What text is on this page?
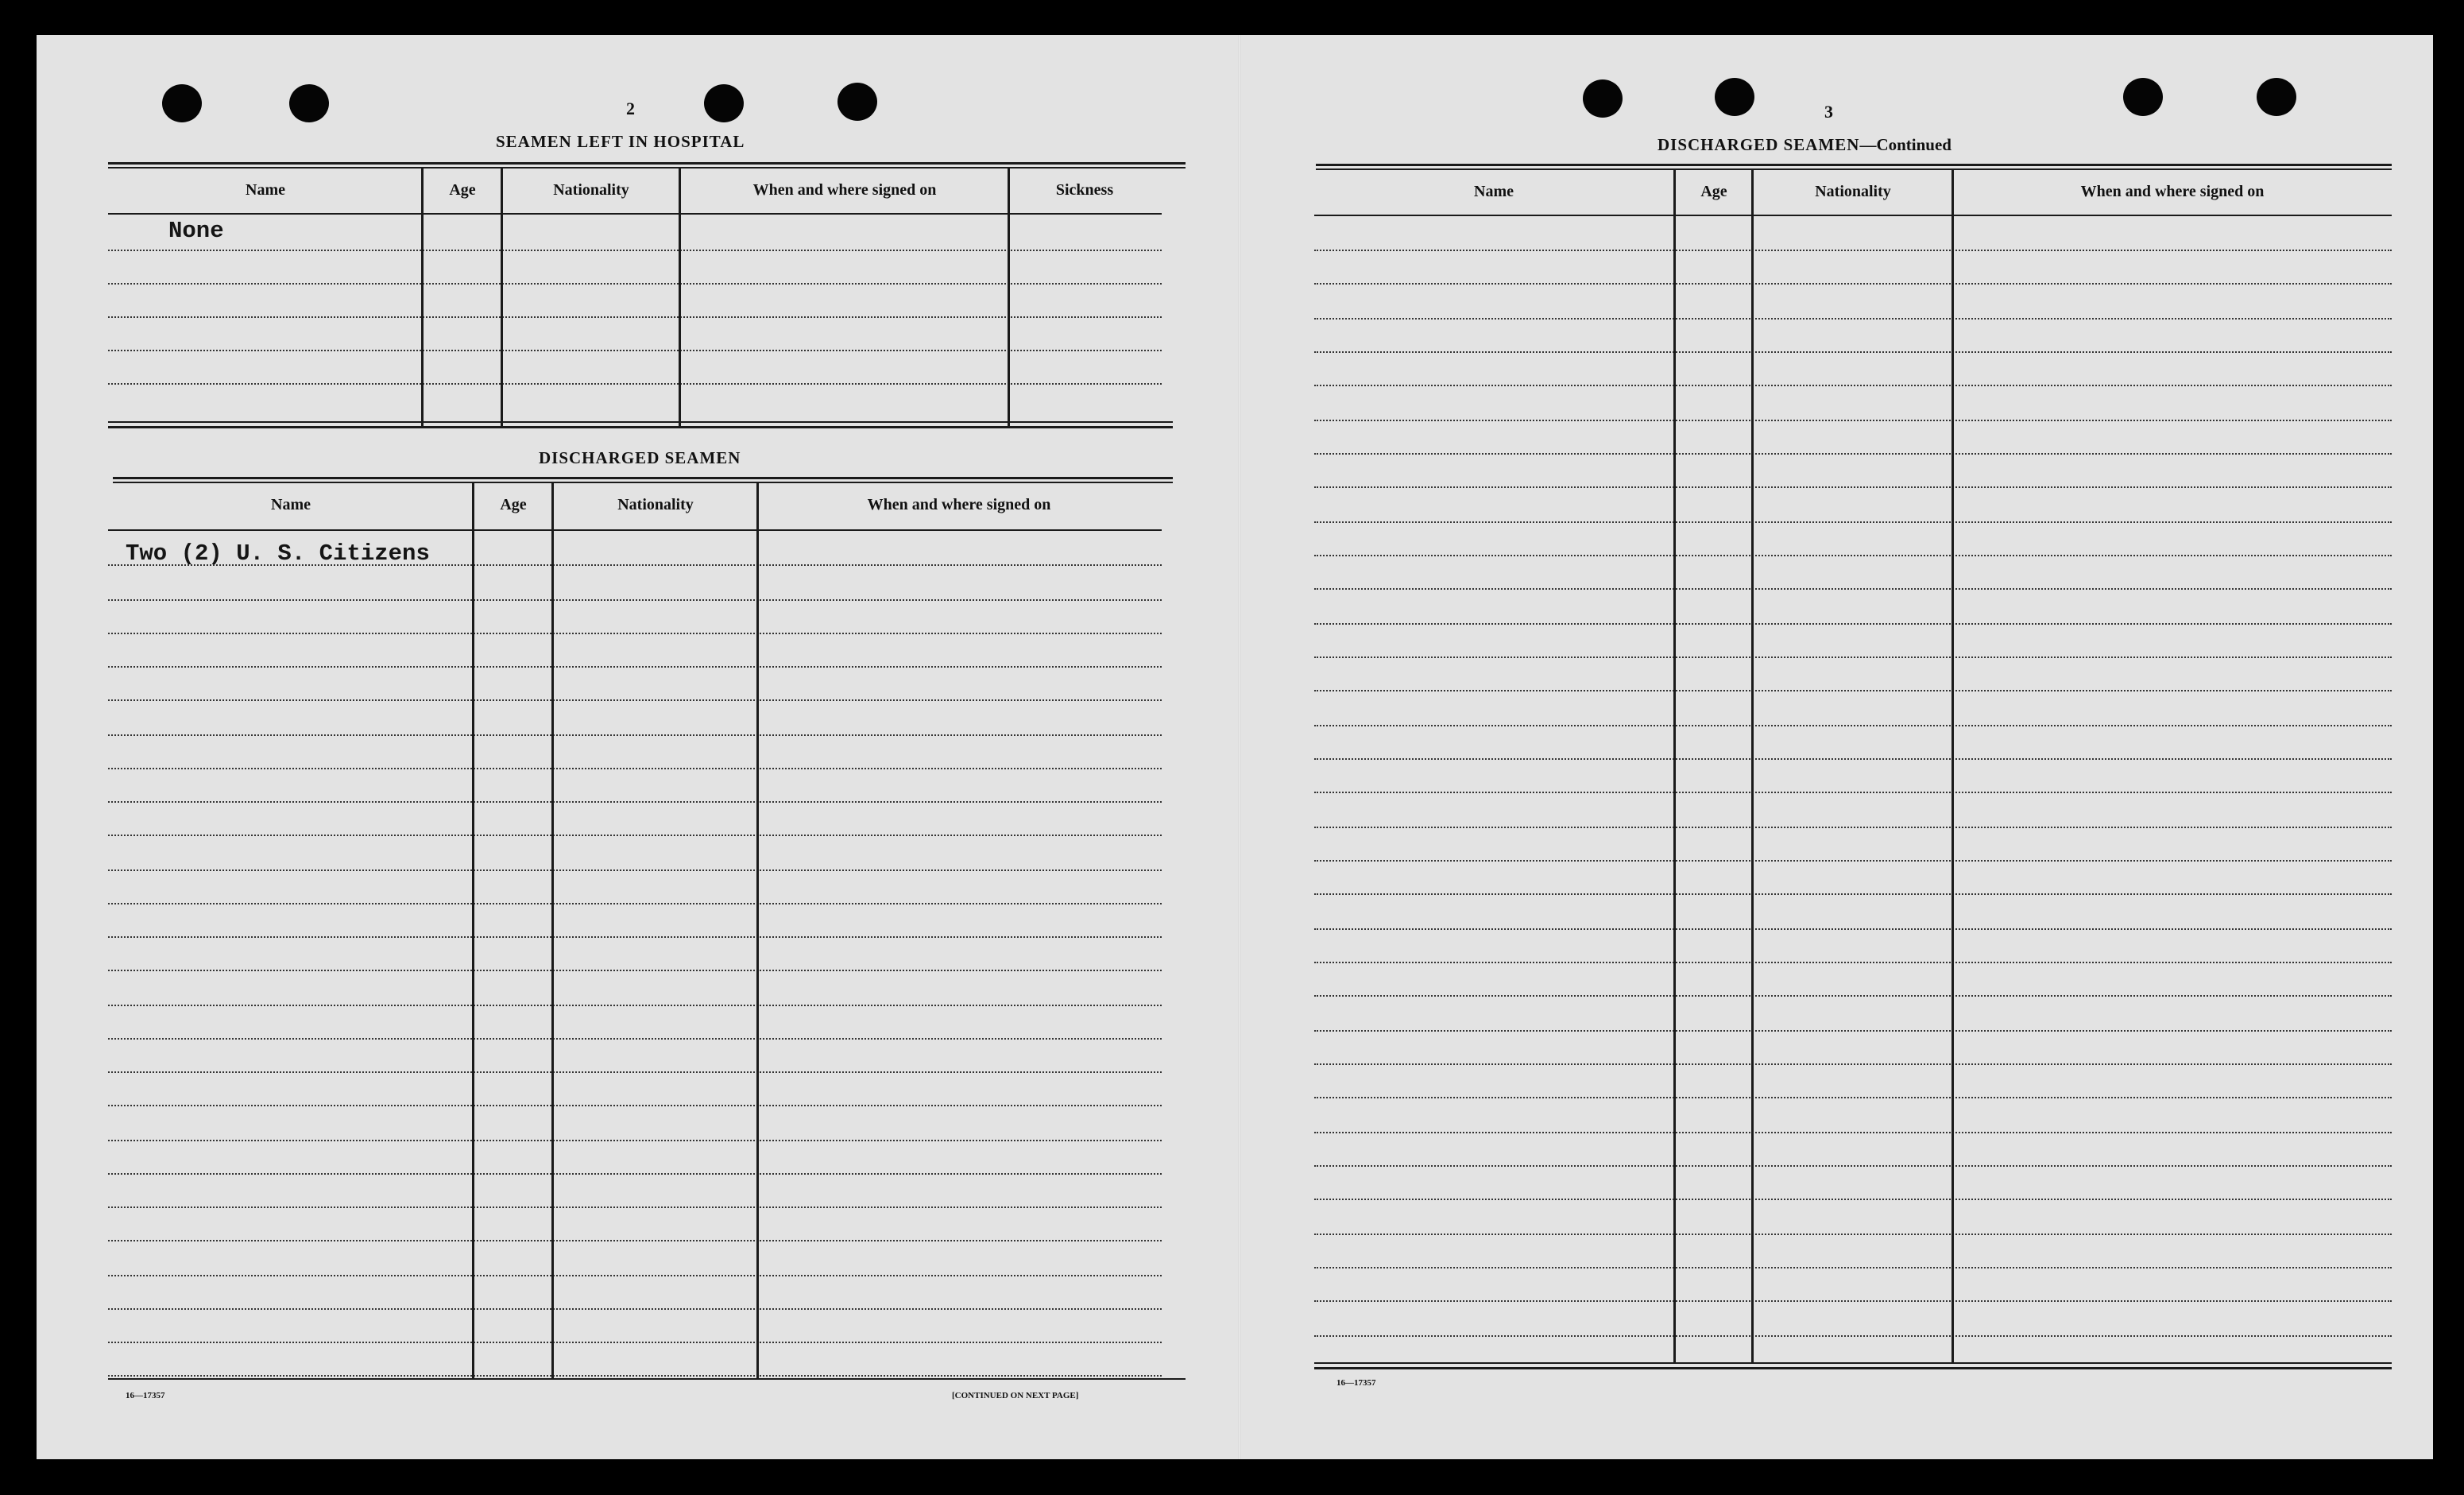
2
SEAMEN LEFT IN HOSPITAL
Name	Age	Nationality	When and where signed on	Sickness
None
DISCHARGED SEAMEN
Name	Age	Nationality	When and where signed on
Two (2) U. S. Citizens
16—17357	[CONTINUED ON NEXT PAGE]
3
DISCHARGED SEAMEN—Continued
Name	Age	Nationality	When and where signed on
16—17357
